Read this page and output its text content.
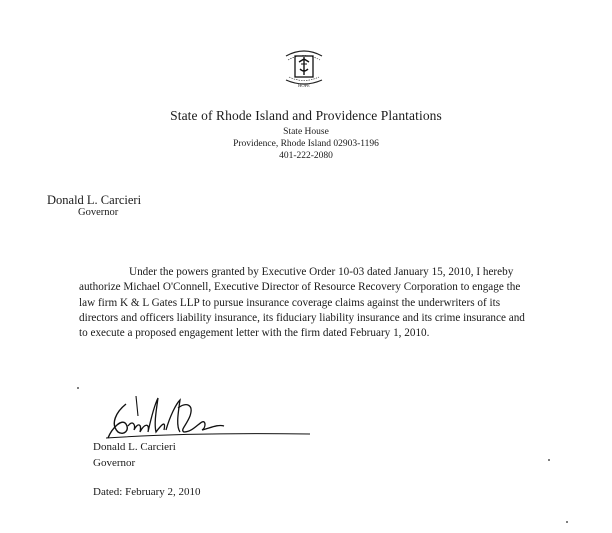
HOPE
State of Rhode Island and Providence Plantations
State House
Providence, Rhode Island 02903-1196
401-222-2080
Donald L. Carcieri
Governor
Under the powers granted by Executive Order 10-03 dated January 15, 2010, I hereby authorize Michael O'Connell, Executive Director of Resource Recovery Corporation to engage the law firm K & L Gates LLP to pursue insurance coverage claims against the underwriters of its directors and officers liability insurance, its fiduciary liability insurance and its crime insurance and to execute a proposed engagement letter with the firm dated February 1, 2010.
Donald L. Carcieri
Governor
Dated: February 2, 2010
